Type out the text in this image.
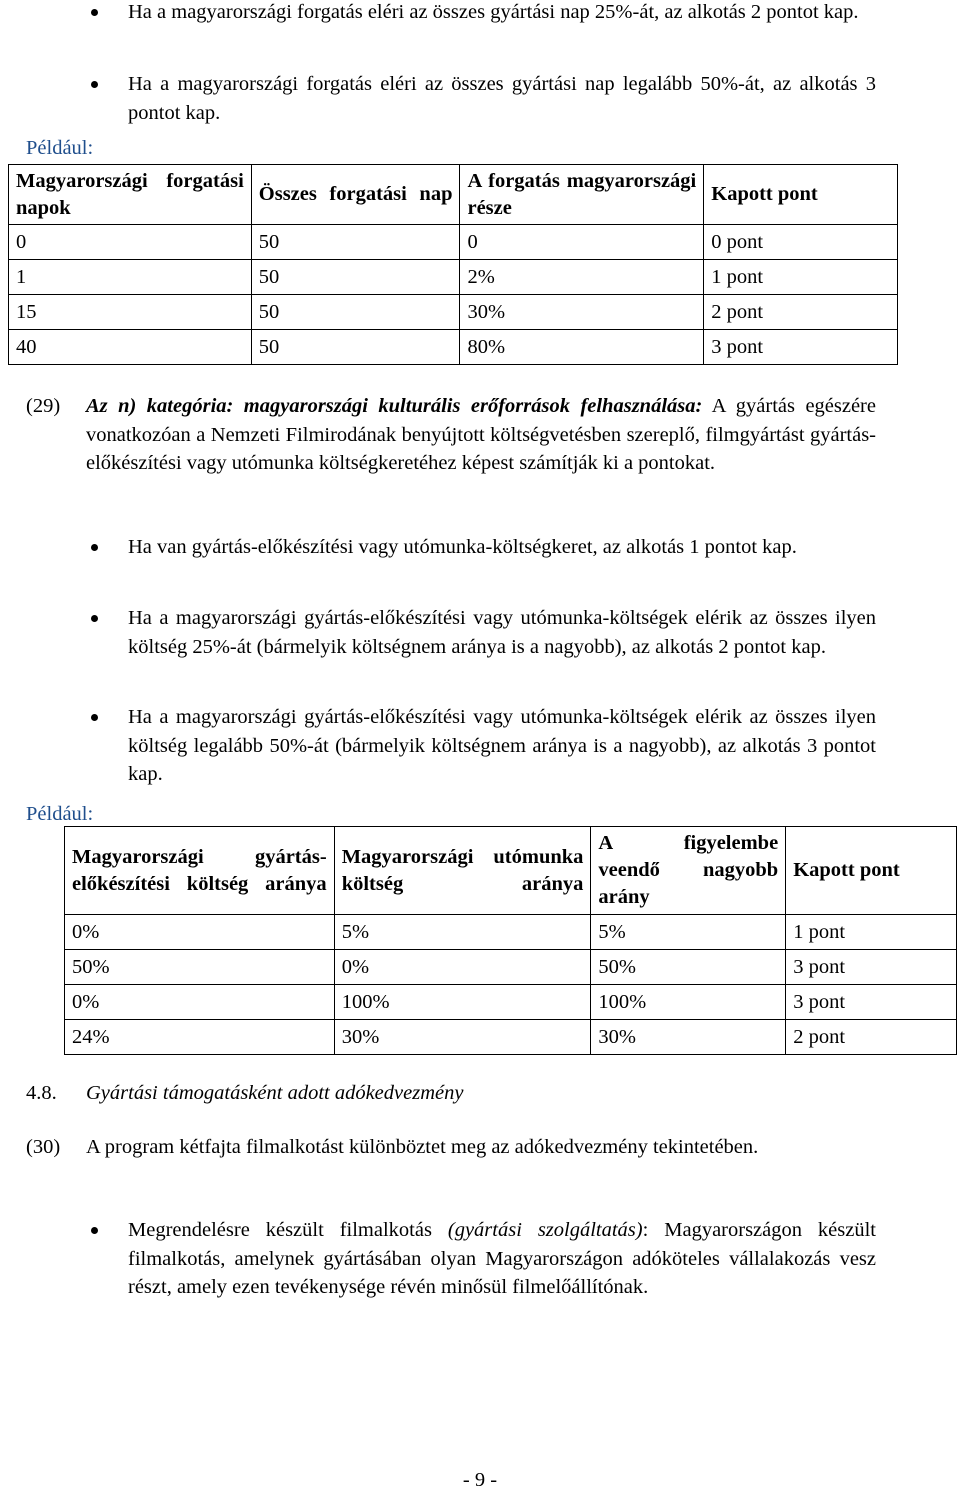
Ha a magyarországi forgatás eléri az összes gyártási nap 25%-át, az alkotás 2 pontot kap.
Ha a magyarországi forgatás eléri az összes gyártási nap legalább 50%-át, az alkotás 3 pontot kap.
Például:
Magyarországi forgatási napok	Összes forgatási nap	A forgatás magyarországi része	Kapott pont
0	50	0	0 pont
1	50	2%	1 pont
15	50	30%	2 pont
40	50	80%	3 pont
(29) Az n) kategória: magyarországi kulturális erőforrások felhasználása: A gyártás egészére vonatkozóan a Nemzeti Filmirodának benyújtott költségvetésben szereplő, filmgyártást gyártás-előkészítési vagy utómunka költségkeretéhez képest számítják ki a pontokat.
Ha van gyártás-előkészítési vagy utómunka-költségkeret, az alkotás 1 pontot kap.
Ha a magyarországi gyártás-előkészítési vagy utómunka-költségek elérik az összes ilyen költség 25%-át (bármelyik költségnem aránya is a nagyobb), az alkotás 2 pontot kap.
Ha a magyarországi gyártás-előkészítési vagy utómunka-költségek elérik az összes ilyen költség legalább 50%-át (bármelyik költségnem aránya is a nagyobb), az alkotás 3 pontot kap.
Például:
Magyarországi gyártás-előkészítési költség aránya	Magyarországi utómunka költség aránya	A figyelembe veendő nagyobb arány	Kapott pont
0%	5%	5%	1 pont
50%	0%	50%	3 pont
0%	100%	100%	3 pont
24%	30%	30%	2 pont
4.8. Gyártási támogatásként adott adókedvezmény
(30) A program kétfajta filmalkotást különböztet meg az adókedvezmény tekintetében.
Megrendelésre készült filmalkotás (gyártási szolgáltatás): Magyarországon készült filmalkotás, amelynek gyártásában olyan Magyarországon adóköteles vállalakozás vesz részt, amely ezen tevékenysége révén minősül filmelőállítónak.
- 9 -
